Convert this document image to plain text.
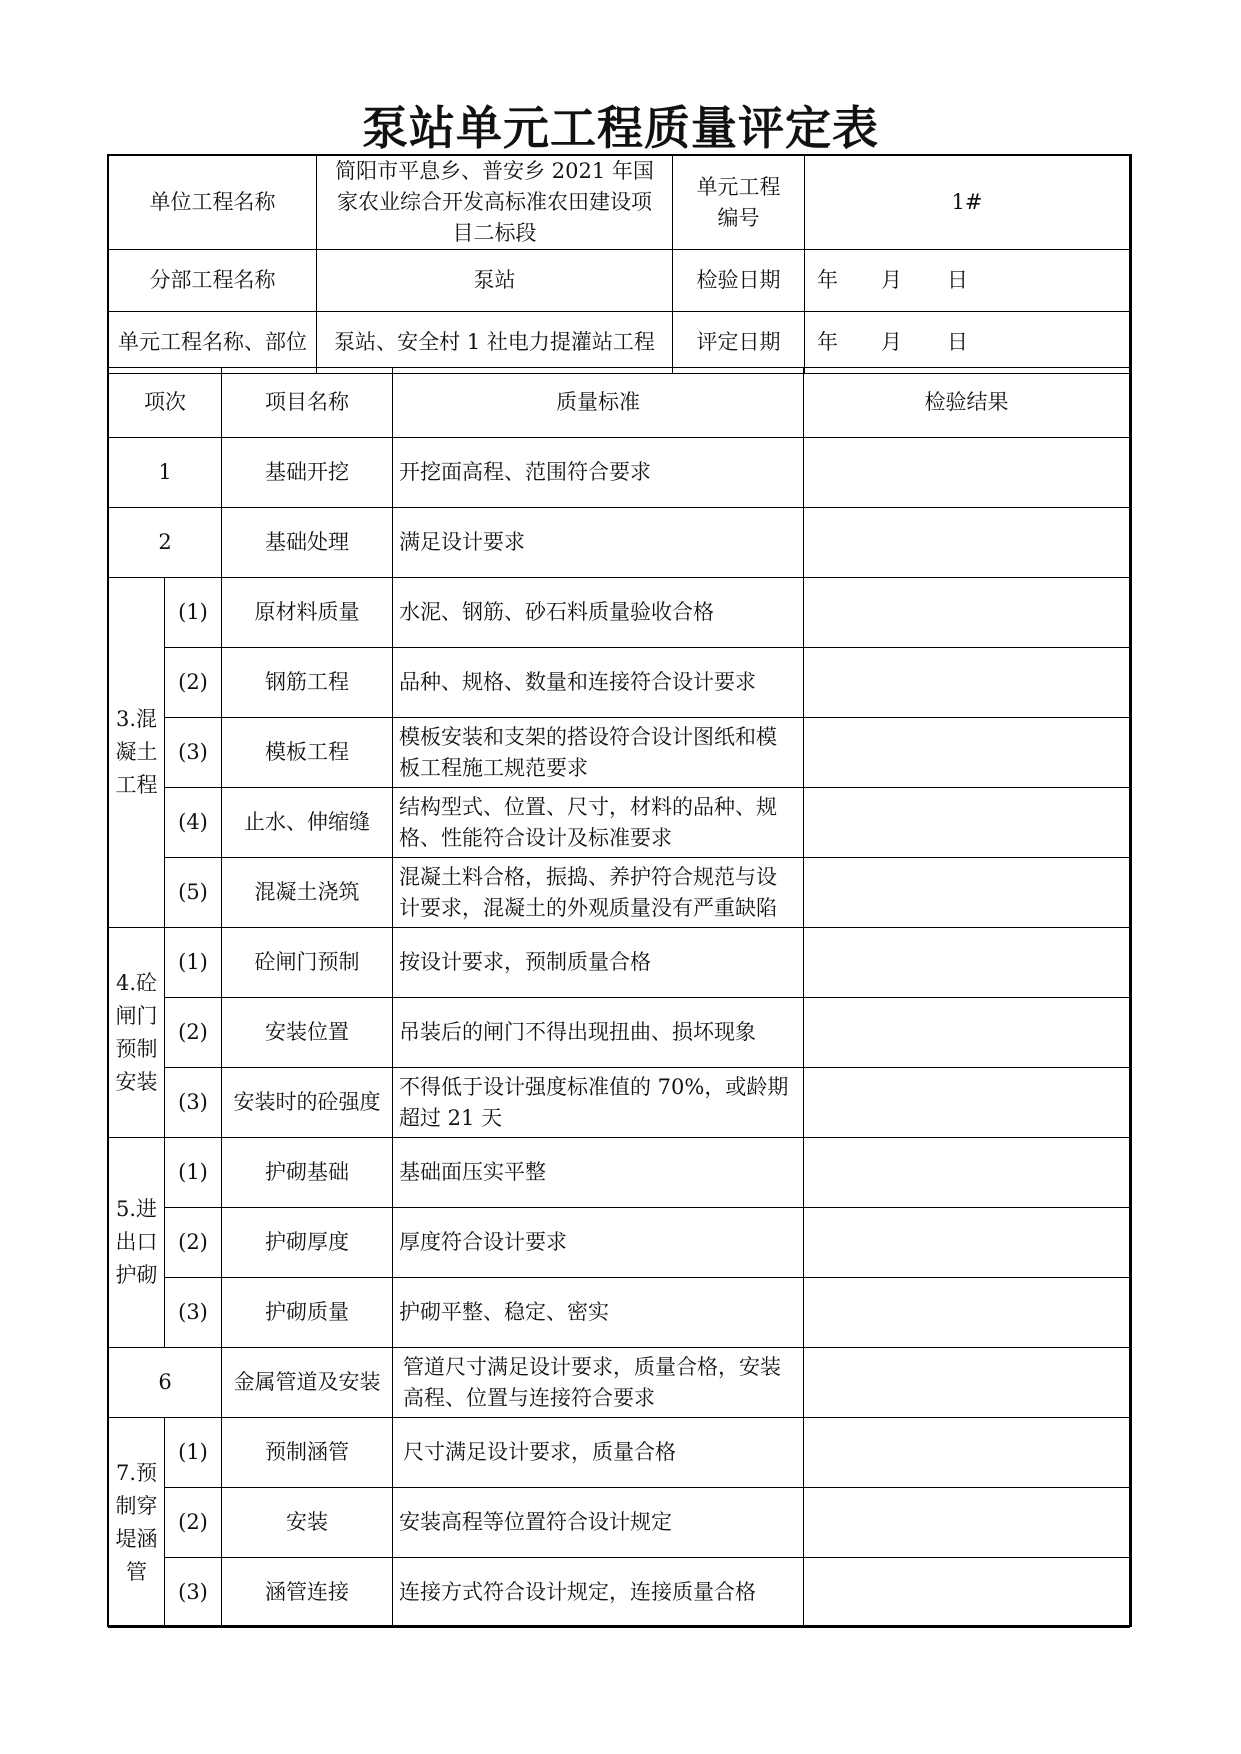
泵站单元工程质量评定表
单位工程名称	简阳市平息乡、普安乡 2021 年国家农业综合开发高标准农田建设项目二标段	单元工程编号	1#
分部工程名称	泵站	检验日期	年 月 日
单元工程名称、部位	泵站、安全村 1 社电力提灌站工程	评定日期	年 月 日
项次		项目名称	质量标准	检验结果
1		基础开挖	开挖面高程、范围符合要求	
2		基础处理	满足设计要求	
3.混凝土工程	(1)	原材料质量	水泥、钢筋、砂石料质量验收合格	
	(2)	钢筋工程	品种、规格、数量和连接符合设计要求	
	(3)	模板工程	模板安装和支架的搭设符合设计图纸和模板工程施工规范要求	
	(4)	止水、伸缩缝	结构型式、位置、尺寸，材料的品种、规格、性能符合设计及标准要求	
	(5)	混凝土浇筑	混凝土料合格，振捣、养护符合规范与设计要求，混凝土的外观质量没有严重缺陷	
4.砼闸门预制安装	(1)	砼闸门预制	按设计要求，预制质量合格	
	(2)	安装位置	吊装后的闸门不得出现扭曲、损坏现象	
	(3)	安装时的砼强度	不得低于设计强度标准值的 70%，或龄期超过 21 天	
5.进出口护砌	(1)	护砌基础	基础面压实平整	
	(2)	护砌厚度	厚度符合设计要求	
	(3)	护砌质量	护砌平整、稳定、密实	
6		金属管道及安装	管道尺寸满足设计要求，质量合格，安装高程、位置与连接符合要求	
7.预制穿堤涵管	(1)	预制涵管	尺寸满足设计要求，质量合格	
	(2)	安装	安装高程等位置符合设计规定	
	(3)	涵管连接	连接方式符合设计规定，连接质量合格	
